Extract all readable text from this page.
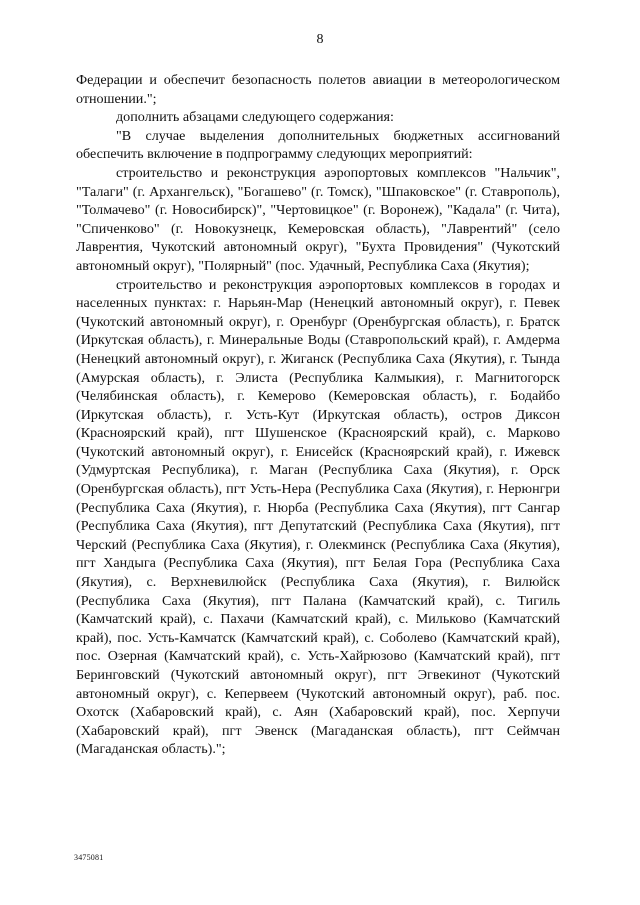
8

Федерации и обеспечит безопасность полетов авиации в метеорологическом отношении.";

дополнить абзацами следующего содержания:

"В случае выделения дополнительных бюджетных ассигнований обеспечить включение в подпрограмму следующих мероприятий:

строительство и реконструкция аэропортовых комплексов "Нальчик", "Талаги" (г. Архангельск), "Богашево" (г. Томск), "Шпаковское" (г. Ставрополь), "Толмачево" (г. Новосибирск)", "Чертовицкое" (г. Воронеж), "Кадала" (г. Чита), "Спиченково" (г. Новокузнецк, Кемеровская область), "Лаврентий" (село Лаврентия, Чукотский автономный округ), "Бухта Провидения" (Чукотский автономный округ), "Полярный" (пос. Удачный, Республика Саха (Якутия);

строительство и реконструкция аэропортовых комплексов в городах и населенных пунктах: г. Нарьян-Мар (Ненецкий автономный округ), г. Певек (Чукотский автономный округ), г. Оренбург (Оренбургская область), г. Братск (Иркутская область), г. Минеральные Воды (Ставропольский край), г. Амдерма (Ненецкий автономный округ), г. Жиганск (Республика Саха (Якутия), г. Тында (Амурская область), г. Элиста (Республика Калмыкия), г. Магнитогорск (Челябинская область), г. Кемерово (Кемеровская область), г. Бодайбо (Иркутская область), г. Усть-Кут (Иркутская область), остров Диксон (Красноярский край), пгт Шушенское (Красноярский край), с. Марково (Чукотский автономный округ), г. Енисейск (Красноярский край), г. Ижевск (Удмуртская Республика), г. Маган (Республика Саха (Якутия), г. Орск (Оренбургская область), пгт Усть-Нера (Республика Саха (Якутия), г. Нерюнгри (Республика Саха (Якутия), г. Нюрба (Республика Саха (Якутия), пгт Сангар (Республика Саха (Якутия), пгт Депутатский (Республика Саха (Якутия), пгт Черский (Республика Саха (Якутия), г. Олекминск (Республика Саха (Якутия), пгт Хандыга (Республика Саха (Якутия), пгт Белая Гора (Республика Саха (Якутия), с. Верхневилюйск (Республика Саха (Якутия), г. Вилюйск (Республика Саха (Якутия), пгт Палана (Камчатский край), с. Тигиль (Камчатский край), с. Пахачи (Камчатский край), с. Мильково (Камчатский край), пос. Усть-Камчатск (Камчатский край), с. Соболево (Камчатский край), пос. Озерная (Камчатский край), с. Усть-Хайрюзово (Камчатский край), пгт Беринговский (Чукотский автономный округ), пгт Эгвекинот (Чукотский автономный округ), с. Кепервеем (Чукотский автономный округ), раб. пос. Охотск (Хабаровский край), с. Аян (Хабаровский край), пос. Херпучи (Хабаровский край), пгт Эвенск (Магаданская область), пгт Сеймчан (Магаданская область).";

3475081
